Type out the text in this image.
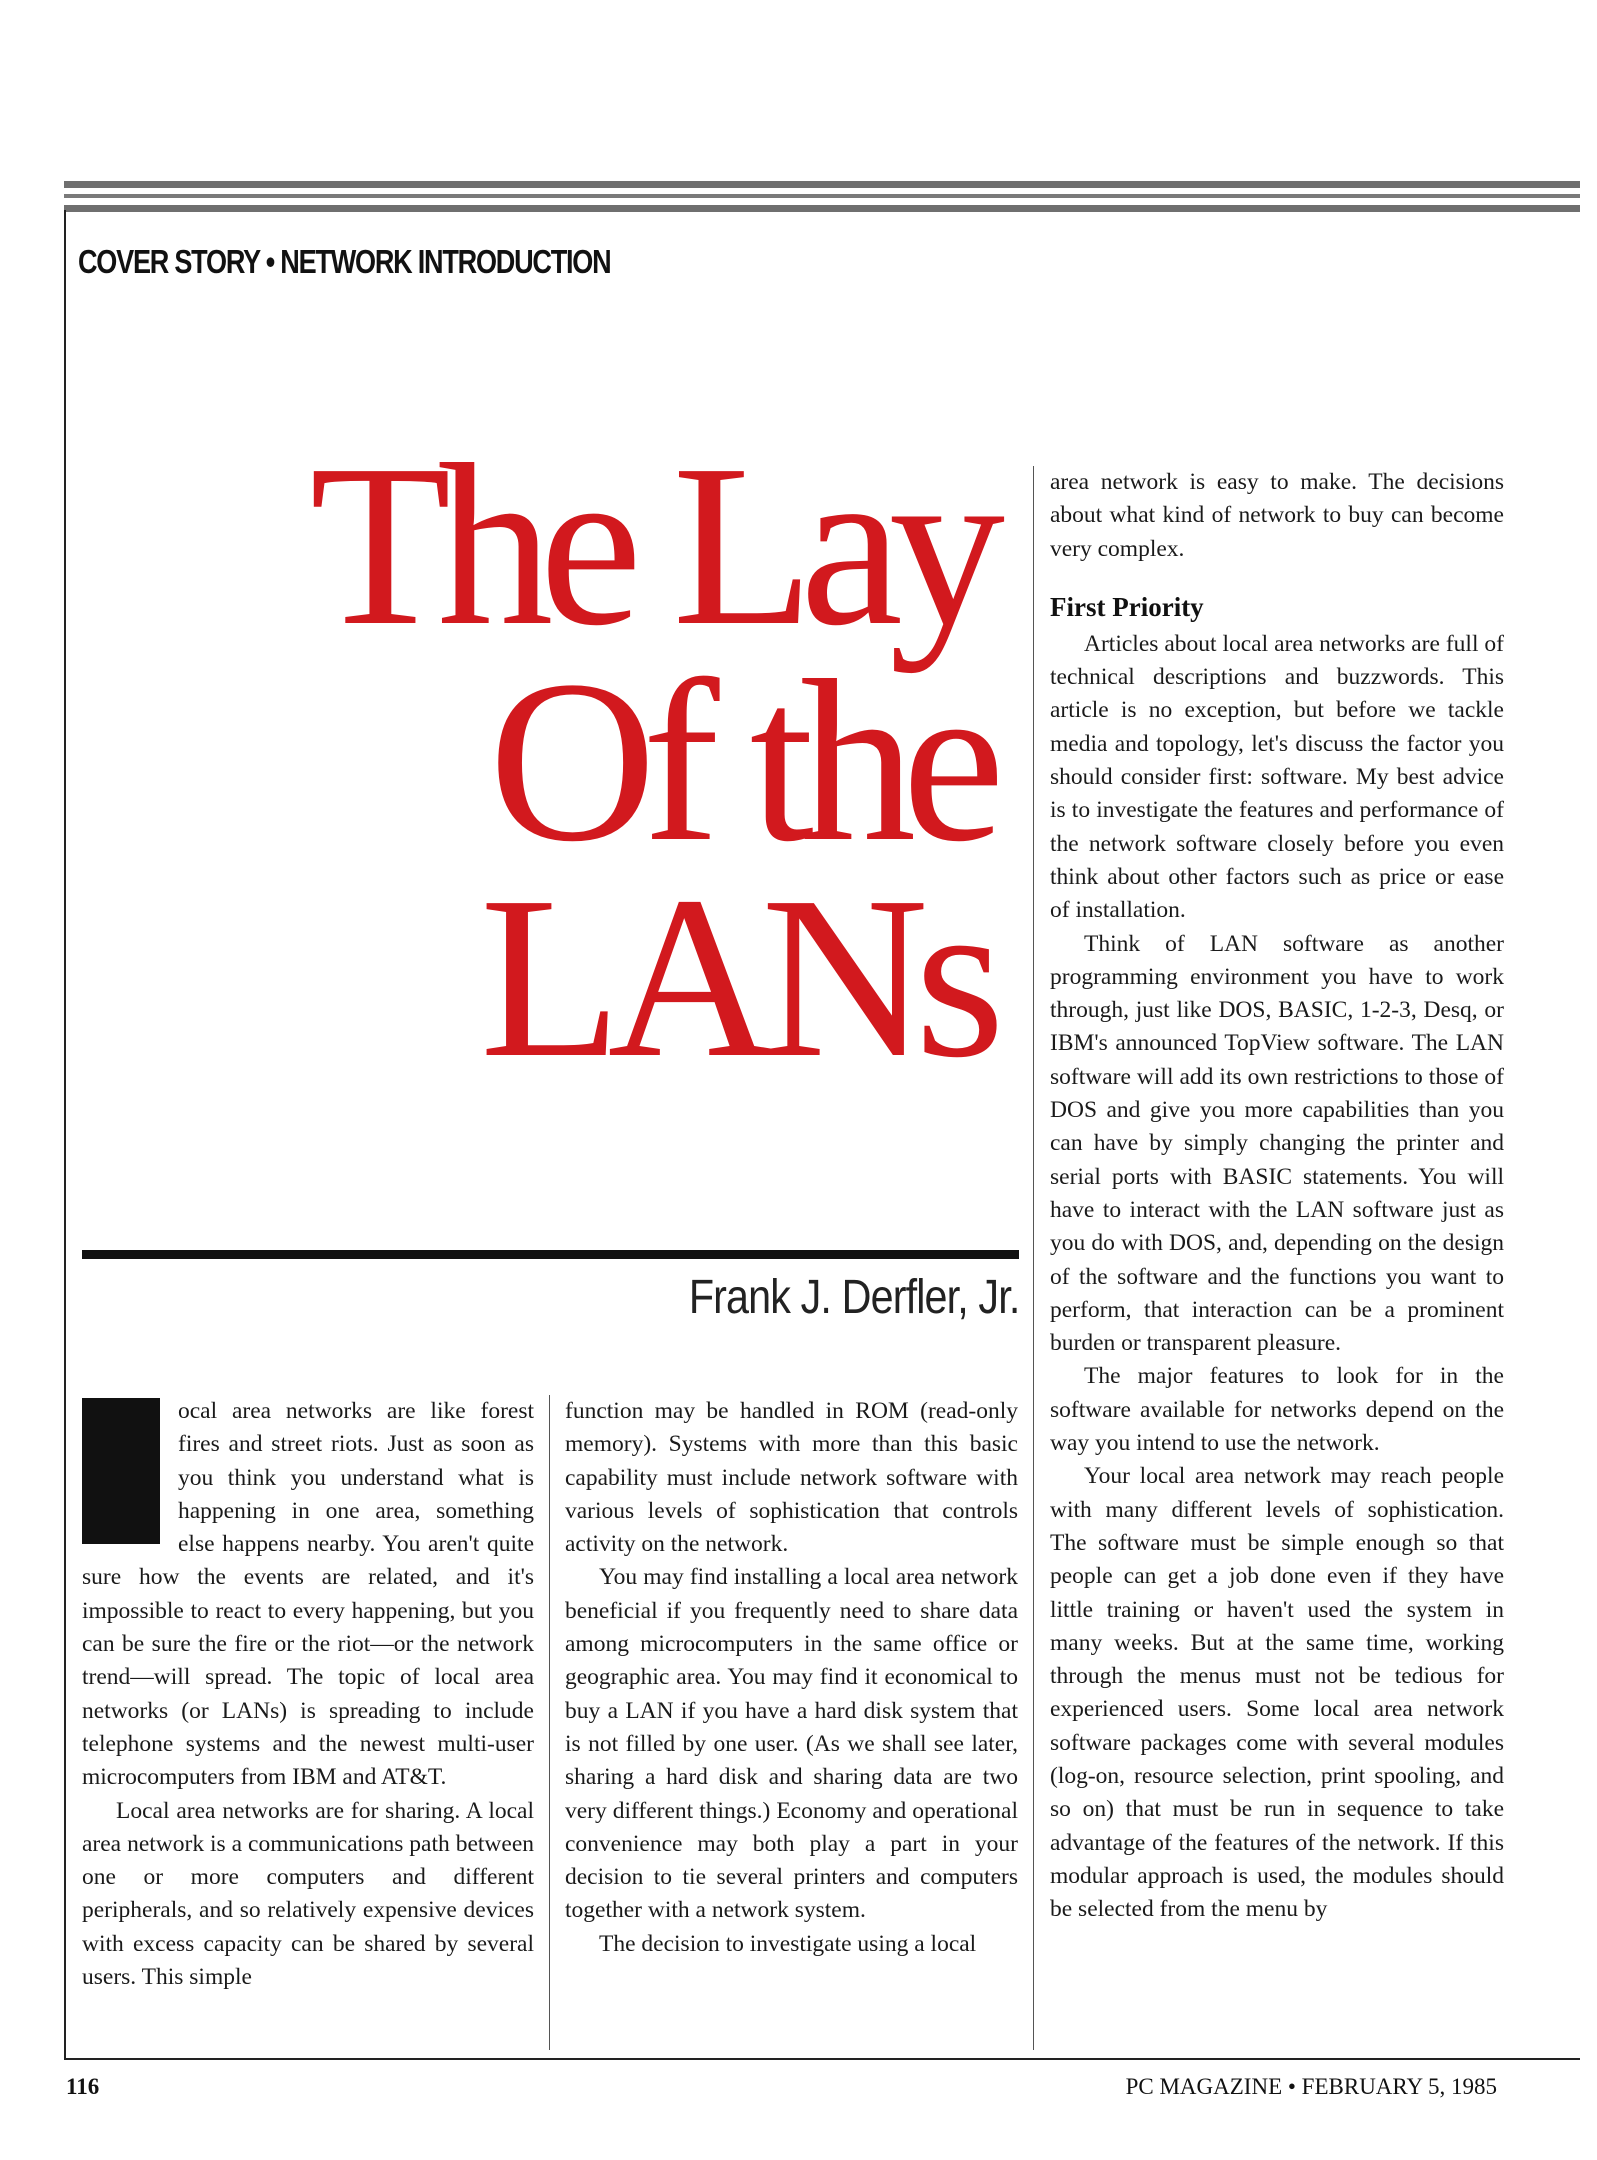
COVER STORY • NETWORK INTRODUCTION
The Lay
Of the
LANs
Frank J. Derfler, Jr.

ocal area networks are like forest fires and street riots. Just as soon as you think you understand what is happening in one area, something else happens nearby. You aren't quite sure how the events are related, and it's impossible to react to every happening, but you can be sure the fire or the riot—or the network trend—will spread. The topic of local area networks (or LANs) is spreading to include telephone systems and the newest multi-user microcomputers from IBM and AT&T.

Local area networks are for sharing. A local area network is a communications path between one or more computers and different peripherals, and so relatively expensive devices with excess capacity can be shared by several users. This simple

function may be handled in ROM (read-only memory). Systems with more than this basic capability must include network software with various levels of sophistication that controls activity on the network.

You may find installing a local area network beneficial if you frequently need to share data among microcomputers in the same office or geographic area. You may find it economical to buy a LAN if you have a hard disk system that is not filled by one user. (As we shall see later, sharing a hard disk and sharing data are two very different things.) Economy and operational convenience may both play a part in your decision to tie several printers and computers together with a network system.

The decision to investigate using a local

area network is easy to make. The decisions about what kind of network to buy can become very complex.

First Priority

Articles about local area networks are full of technical descriptions and buzzwords. This article is no exception, but before we tackle media and topology, let's discuss the factor you should consider first: software. My best advice is to investigate the features and performance of the network software closely before you even think about other factors such as price or ease of installation.

Think of LAN software as another programming environment you have to work through, just like DOS, BASIC, 1-2-3, Desq, or IBM's announced TopView software. The LAN software will add its own restrictions to those of DOS and give you more capabilities than you can have by simply changing the printer and serial ports with BASIC statements. You will have to interact with the LAN software just as you do with DOS, and, depending on the design of the software and the functions you want to perform, that interaction can be a prominent burden or transparent pleasure.

The major features to look for in the software available for networks depend on the way you intend to use the network.

Your local area network may reach people with many different levels of sophistication. The software must be simple enough so that people can get a job done even if they have little training or haven't used the system in many weeks. But at the same time, working through the menus must not be tedious for experienced users. Some local area network software packages come with several modules (log-on, resource selection, print spooling, and so on) that must be run in sequence to take advantage of the features of the network. If this modular approach is used, the modules should be selected from the menu by

116	PC MAGAZINE • FEBRUARY 5, 1985
